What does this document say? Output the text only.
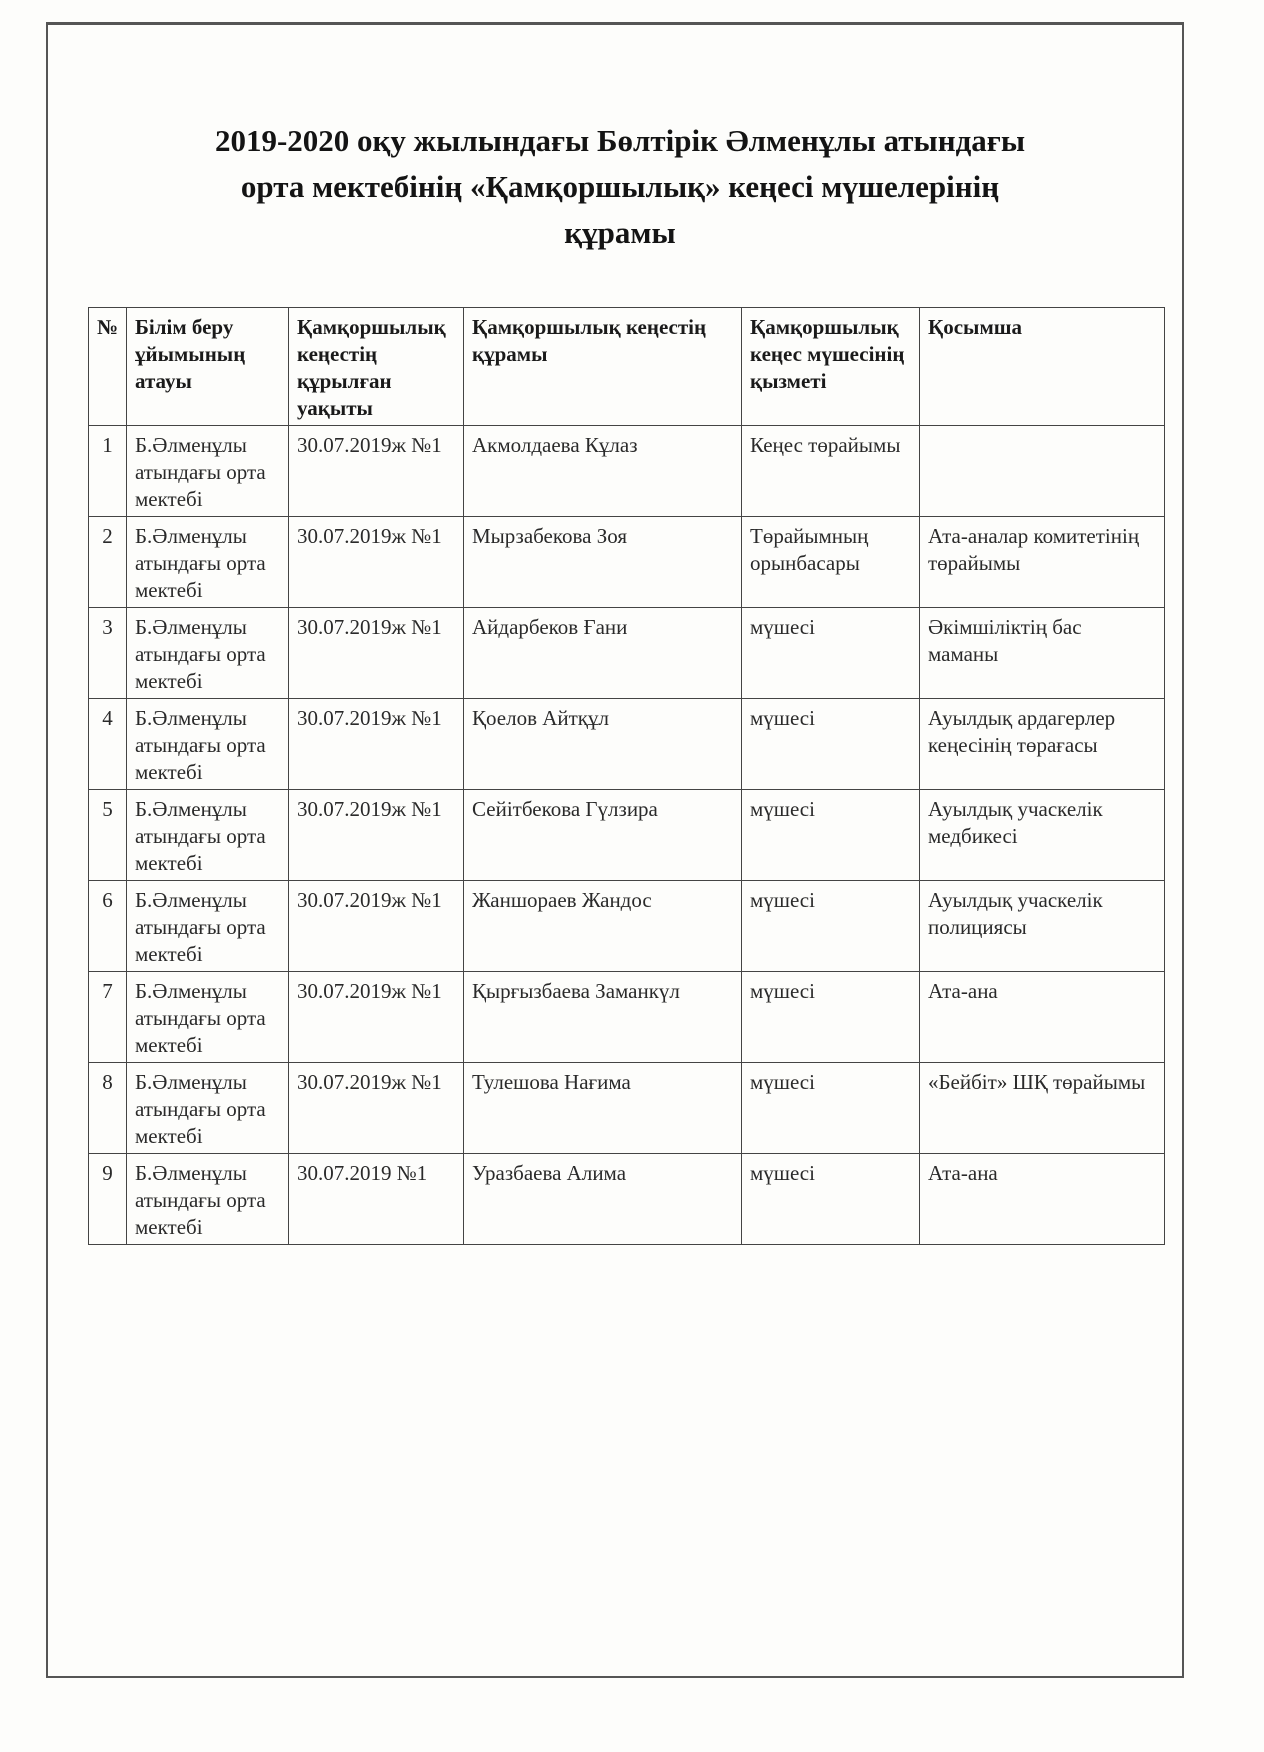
2019-2020 оқу жылындағы Бөлтірік Әлменұлы атындағы
орта мектебінің «Қамқоршылық» кеңесі мүшелерінің
құрамы
№	Білім беру ұйымының атауы	Қамқоршылық кеңестің құрылған уақыты	Қамқоршылық кеңестің құрамы	Қамқоршылық кеңес мүшесінің қызметі	Қосымша
1	Б.Әлменұлы атындағы орта мектебі	30.07.2019ж №1	Акмолдаева Кұлаз	Кеңес төрайымы	
2	Б.Әлменұлы атындағы орта мектебі	30.07.2019ж №1	Мырзабекова Зоя	Төрайымның орынбасары	Ата-аналар комитетінің төрайымы
3	Б.Әлменұлы атындағы орта мектебі	30.07.2019ж №1	Айдарбеков Ғани	мүшесі	Әкімшіліктің бас маманы
4	Б.Әлменұлы атындағы орта мектебі	30.07.2019ж №1	Қоелов Айтқұл	мүшесі	Ауылдық ардагерлер кеңесінің төрағасы
5	Б.Әлменұлы атындағы орта мектебі	30.07.2019ж №1	Сейітбекова Гүлзира	мүшесі	Ауылдық учаскелік медбикесі
6	Б.Әлменұлы атындағы орта мектебі	30.07.2019ж №1	Жаншораев Жандос	мүшесі	Ауылдық учаскелік полициясы
7	Б.Әлменұлы атындағы орта мектебі	30.07.2019ж №1	Қырғызбаева Заманкүл	мүшесі	Ата-ана
8	Б.Әлменұлы атындағы орта мектебі	30.07.2019ж №1	Тулешова Нағима	мүшесі	«Бейбіт» ШҚ төрайымы
9	Б.Әлменұлы атындағы орта мектебі	30.07.2019 №1	Уразбаева Алима	мүшесі	Ата-ана
